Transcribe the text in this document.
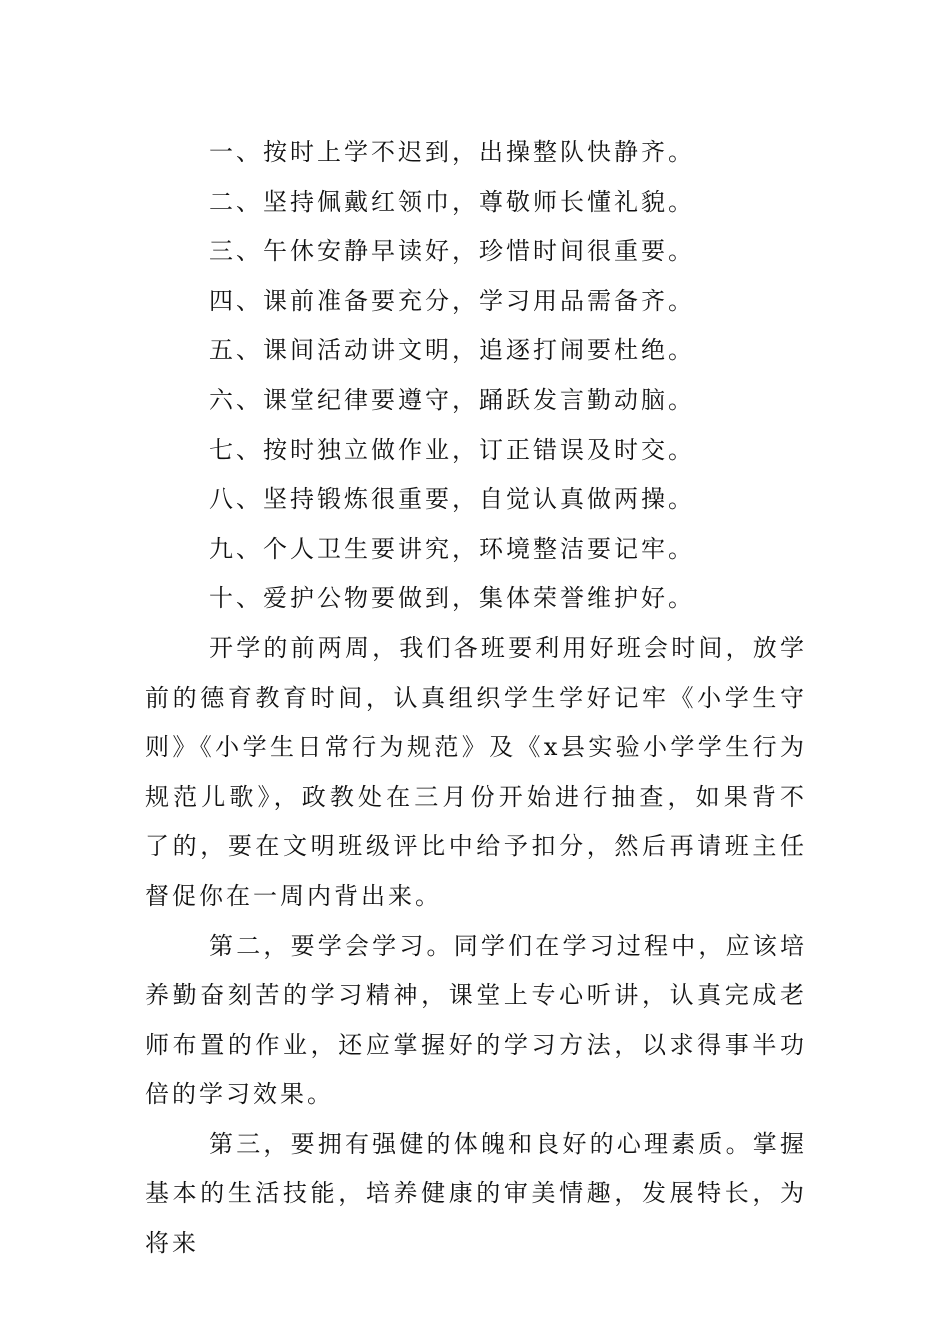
一、按时上学不迟到，出操整队快静齐。
二、坚持佩戴红领巾，尊敬师长懂礼貌。
三、午休安静早读好，珍惜时间很重要。
四、课前准备要充分，学习用品需备齐。
五、课间活动讲文明，追逐打闹要杜绝。
六、课堂纪律要遵守，踊跃发言勤动脑。
七、按时独立做作业，订正错误及时交。
八、坚持锻炼很重要，自觉认真做两操。
九、个人卫生要讲究，环境整洁要记牢。
十、爱护公物要做到，集体荣誉维护好。

开学的前两周，我们各班要利用好班会时间，放学前的德育教育时间，认真组织学生学好记牢《小学生守则》《小学生日常行为规范》及《x县实验小学学生行为规范儿歌》，政教处在三月份开始进行抽查，如果背不了的，要在文明班级评比中给予扣分，然后再请班主任督促你在一周内背出来。

第二，要学会学习。同学们在学习过程中，应该培养勤奋刻苦的学习精神，课堂上专心听讲，认真完成老师布置的作业，还应掌握好的学习方法，以求得事半功倍的学习效果。

第三，要拥有强健的体魄和良好的心理素质。掌握基本的生活技能，培养健康的审美情趣，发展特长，为将来
